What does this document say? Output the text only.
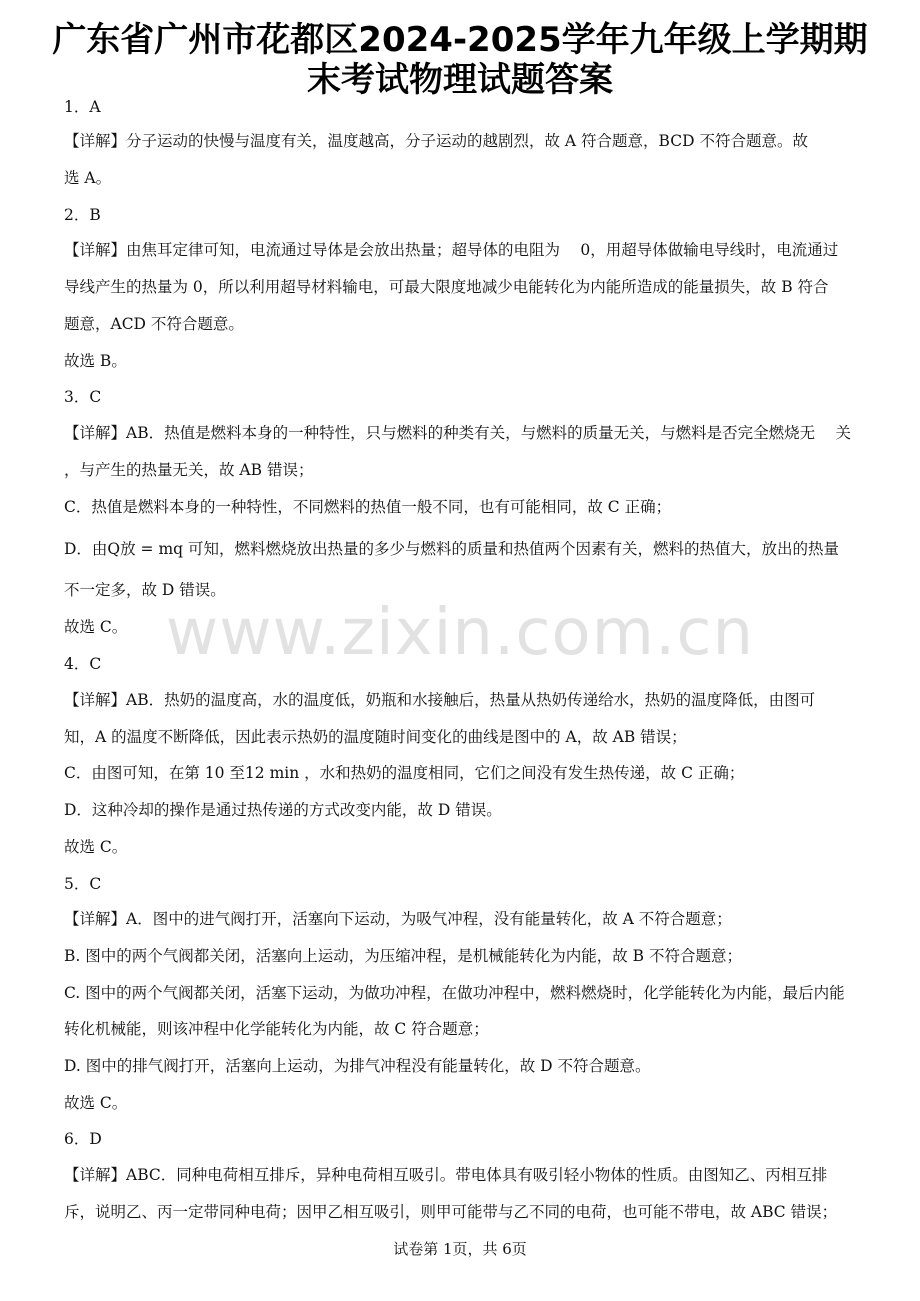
广东省广州市花都区2024-2025学年九年级上学期期
末考试物理试题答案
1．A
【详解】分子运动的快慢与温度有关，温度越高，分子运动的越剧烈，故 A 符合题意，BCD 不符合题意。故
选 A。
2．B
【详解】由焦耳定律可知，电流通过导体是会放出热量；超导体的电阻为　 0，用超导体做输电导线时，电流通过
导线产生的热量为 0，所以利用超导材料输电，可最大限度地减少电能转化为内能所造成的能量损失，故 B 符合
题意，ACD 不符合题意。
故选 B。
3．C
【详解】AB．热值是燃料本身的一种特性，只与燃料的种类有关，与燃料的质量无关，与燃料是否完全燃烧无　 关
，与产生的热量无关，故 AB 错误；
C．热值是燃料本身的一种特性，不同燃料的热值一般不同，也有可能相同，故 C 正确；
D．由Q放 = mq 可知，燃料燃烧放出热量的多少与燃料的质量和热值两个因素有关，燃料的热值大，放出的热量
不一定多，故 D 错误。
故选 C。
4．C
【详解】AB．热奶的温度高，水的温度低，奶瓶和水接触后，热量从热奶传递给水，热奶的温度降低，由图可
知，A 的温度不断降低，因此表示热奶的温度随时间变化的曲线是图中的 A，故 AB 错误；
C．由图可知，在第 10 至12 min ，水和热奶的温度相同，它们之间没有发生热传递，故 C 正确；
D．这种冷却的操作是通过热传递的方式改变内能，故 D 错误。
故选 C。
5．C
【详解】A．图中的进气阀打开，活塞向下运动，为吸气冲程，没有能量转化，故 A 不符合题意；
B. 图中的两个气阀都关闭，活塞向上运动，为压缩冲程，是机械能转化为内能，故 B 不符合题意；
C. 图中的两个气阀都关闭，活塞下运动，为做功冲程，在做功冲程中，燃料燃烧时，化学能转化为内能，最后内能
转化机械能，则该冲程中化学能转化为内能，故 C 符合题意；
D. 图中的排气阀打开，活塞向上运动，为排气冲程没有能量转化，故 D 不符合题意。
故选 C。
6．D
【详解】ABC．同种电荷相互排斥，异种电荷相互吸引。带电体具有吸引轻小物体的性质。由图知乙、丙相互排
斥，说明乙、丙一定带同种电荷；因甲乙相互吸引，则甲可能带与乙不同的电荷，也可能不带电，故 ABC 错误；
www.zixin.com.cn
试卷第 1页，共 6页
